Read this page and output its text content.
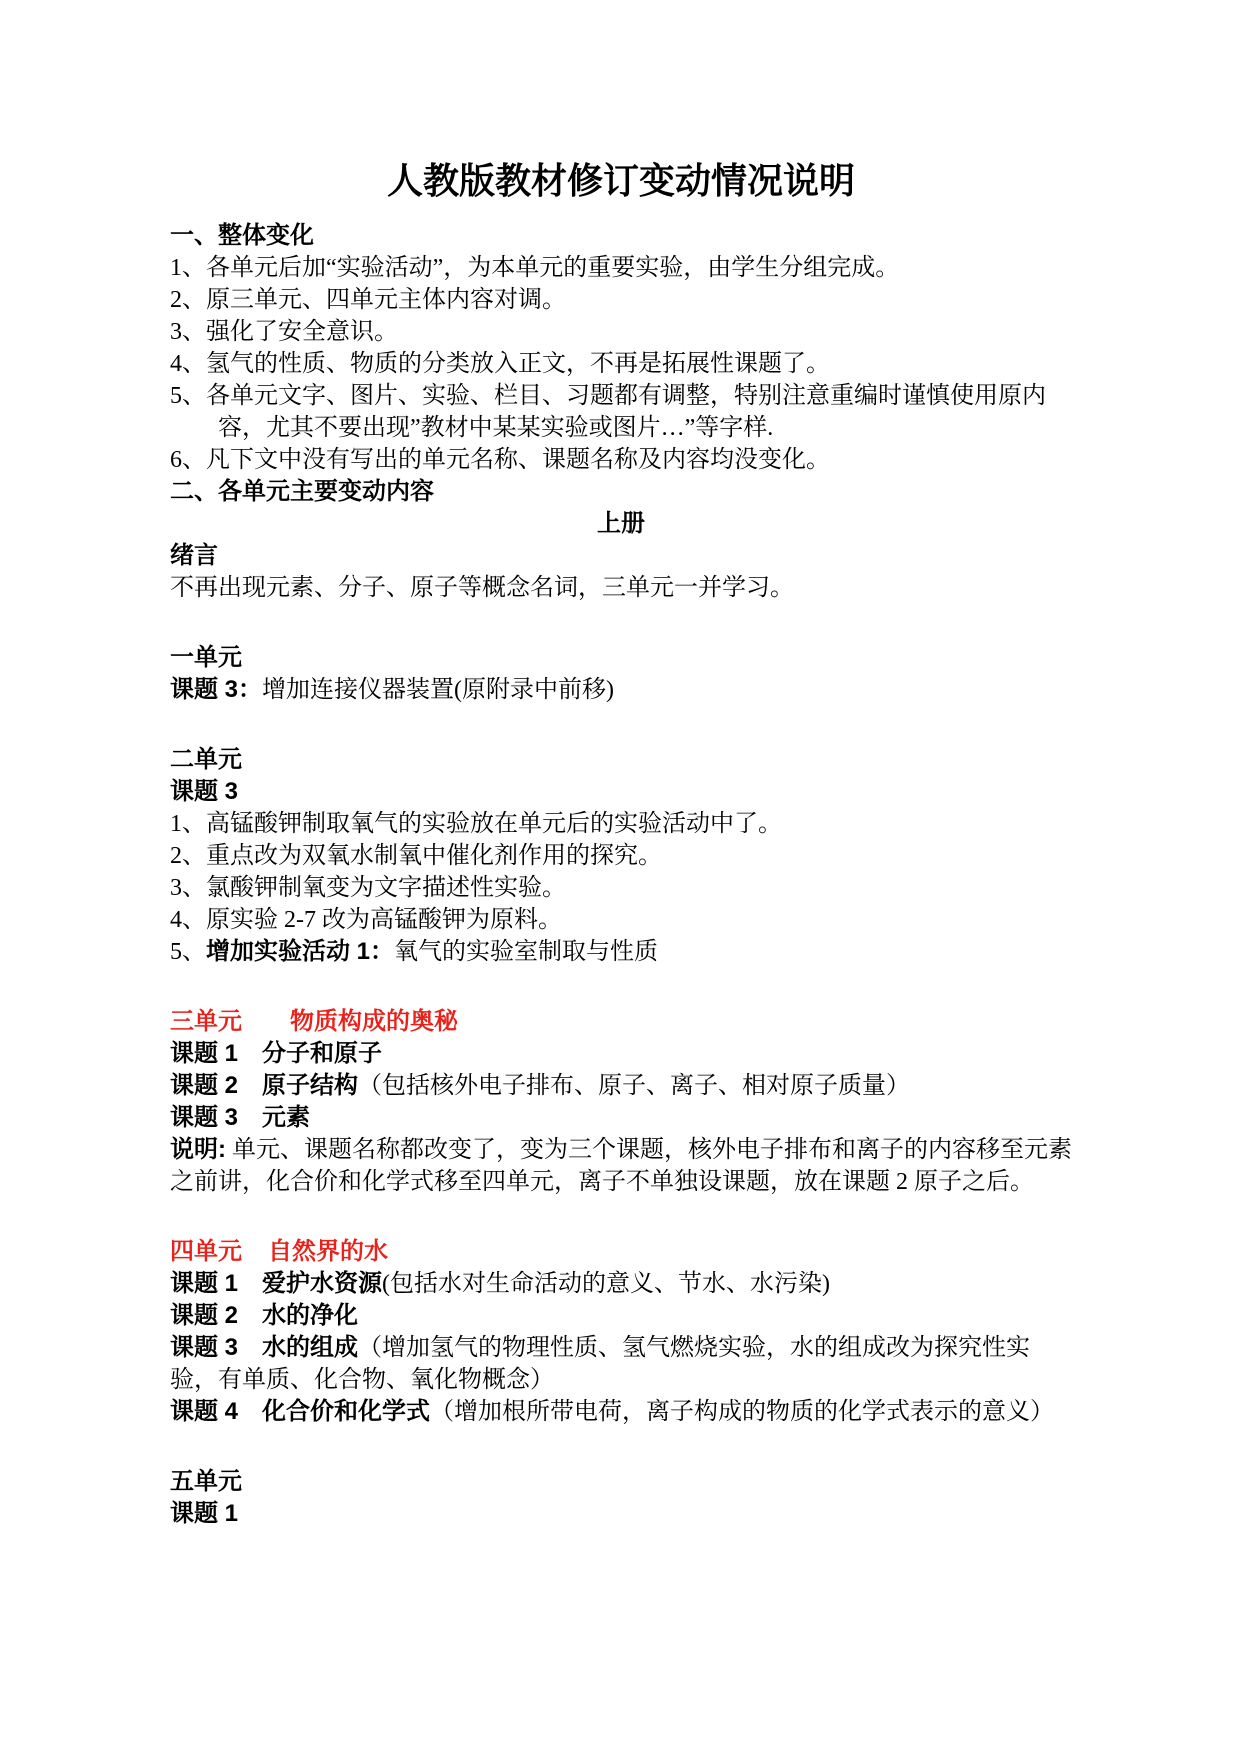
人教版教材修订变动情况说明
一、整体变化
1、各单元后加“实验活动”，为本单元的重要实验，由学生分组完成。
2、原三单元、四单元主体内容对调。
3、强化了安全意识。
4、氢气的性质、物质的分类放入正文，不再是拓展性课题了。
5、各单元文字、图片、实验、栏目、习题都有调整，特别注意重编时谨慎使用原内容，尤其不要出现”教材中某某实验或图片…”等字样.
6、凡下文中没有写出的单元名称、课题名称及内容均没变化。
二、各单元主要变动内容
上册
绪言
不再出现元素、分子、原子等概念名词，三单元一并学习。
一单元
课题 3：增加连接仪器装置(原附录中前移)
二单元
课题 3
1、高锰酸钾制取氧气的实验放在单元后的实验活动中了。
2、重点改为双氧水制氧中催化剂作用的探究。
3、氯酸钾制氧变为文字描述性实验。
4、原实验 2-7 改为高锰酸钾为原料。
5、增加实验活动 1：氧气的实验室制取与性质
三单元 物质构成的奥秘
课题 1 分子和原子
课题 2 原子结构（包括核外电子排布、原子、离子、相对原子质量）
课题 3 元素
说明: 单元、课题名称都改变了，变为三个课题，核外电子排布和离子的内容移至元素之前讲，化合价和化学式移至四单元，离子不单独设课题，放在课题 2 原子之后。
四单元 自然界的水
课题 1 爱护水资源(包括水对生命活动的意义、节水、水污染)
课题 2 水的净化
课题 3 水的组成（增加氢气的物理性质、氢气燃烧实验，水的组成改为探究性实验，有单质、化合物、氧化物概念）
课题 4 化合价和化学式（增加根所带电荷，离子构成的物质的化学式表示的意义）
五单元
课题 1
